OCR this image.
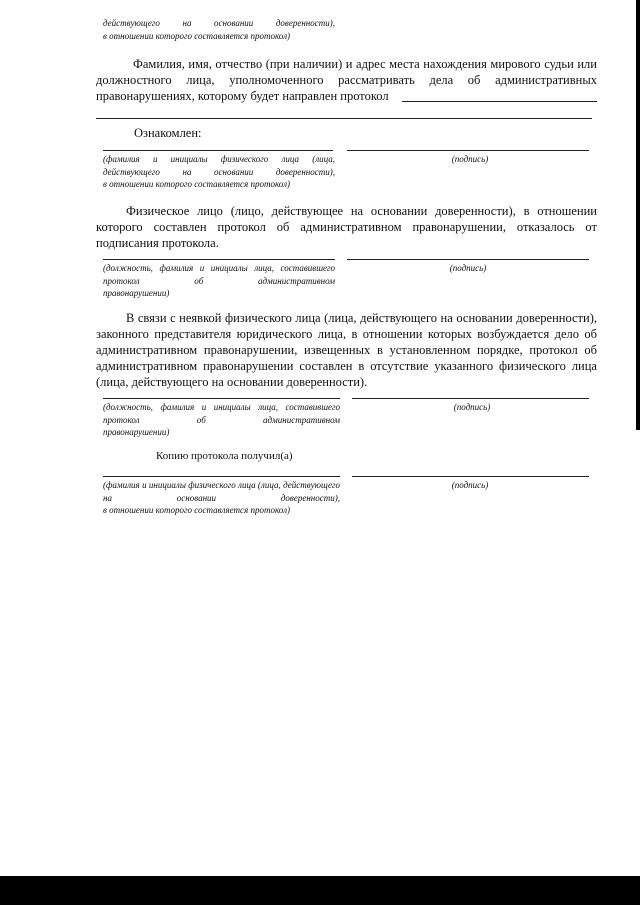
действующего на основании доверенности),
в отношении которого составляется протокол)
Фамилия, имя, отчество (при наличии) и адрес места нахождения мирового судьи или должностного лица, уполномоченного рассматривать дела об административных правонарушениях, которому будет направлен протокол
Ознакомлен:
(фамилия и инициалы физического лица (лица, действующего на основании доверенности),
в отношении которого составляется протокол)
(подпись)
Физическое лицо (лицо, действующее на основании доверенности), в отношении которого составлен протокол об административном правонарушении, отказалось от подписания протокола.
(должность, фамилия и инициалы лица, составившего протокол об административном
правонарушении)
(подпись)
В связи с неявкой физического лица (лица, действующего на основании доверенности), законного представителя юридического лица, в отношении которых возбуждается дело об административном правонарушении, извещенных в установленном порядке, протокол об административном правонарушении составлен в отсутствие указанного физического лица (лица, действующего на основании доверенности).
(должность, фамилия и инициалы лица, составившего протокол об административном
правонарушении)
(подпись)
Копию протокола получил(а)
(фамилия и инициалы физического лица (лица, действующего на основании доверенности),
в отношении которого составляется протокол)
(подпись)
